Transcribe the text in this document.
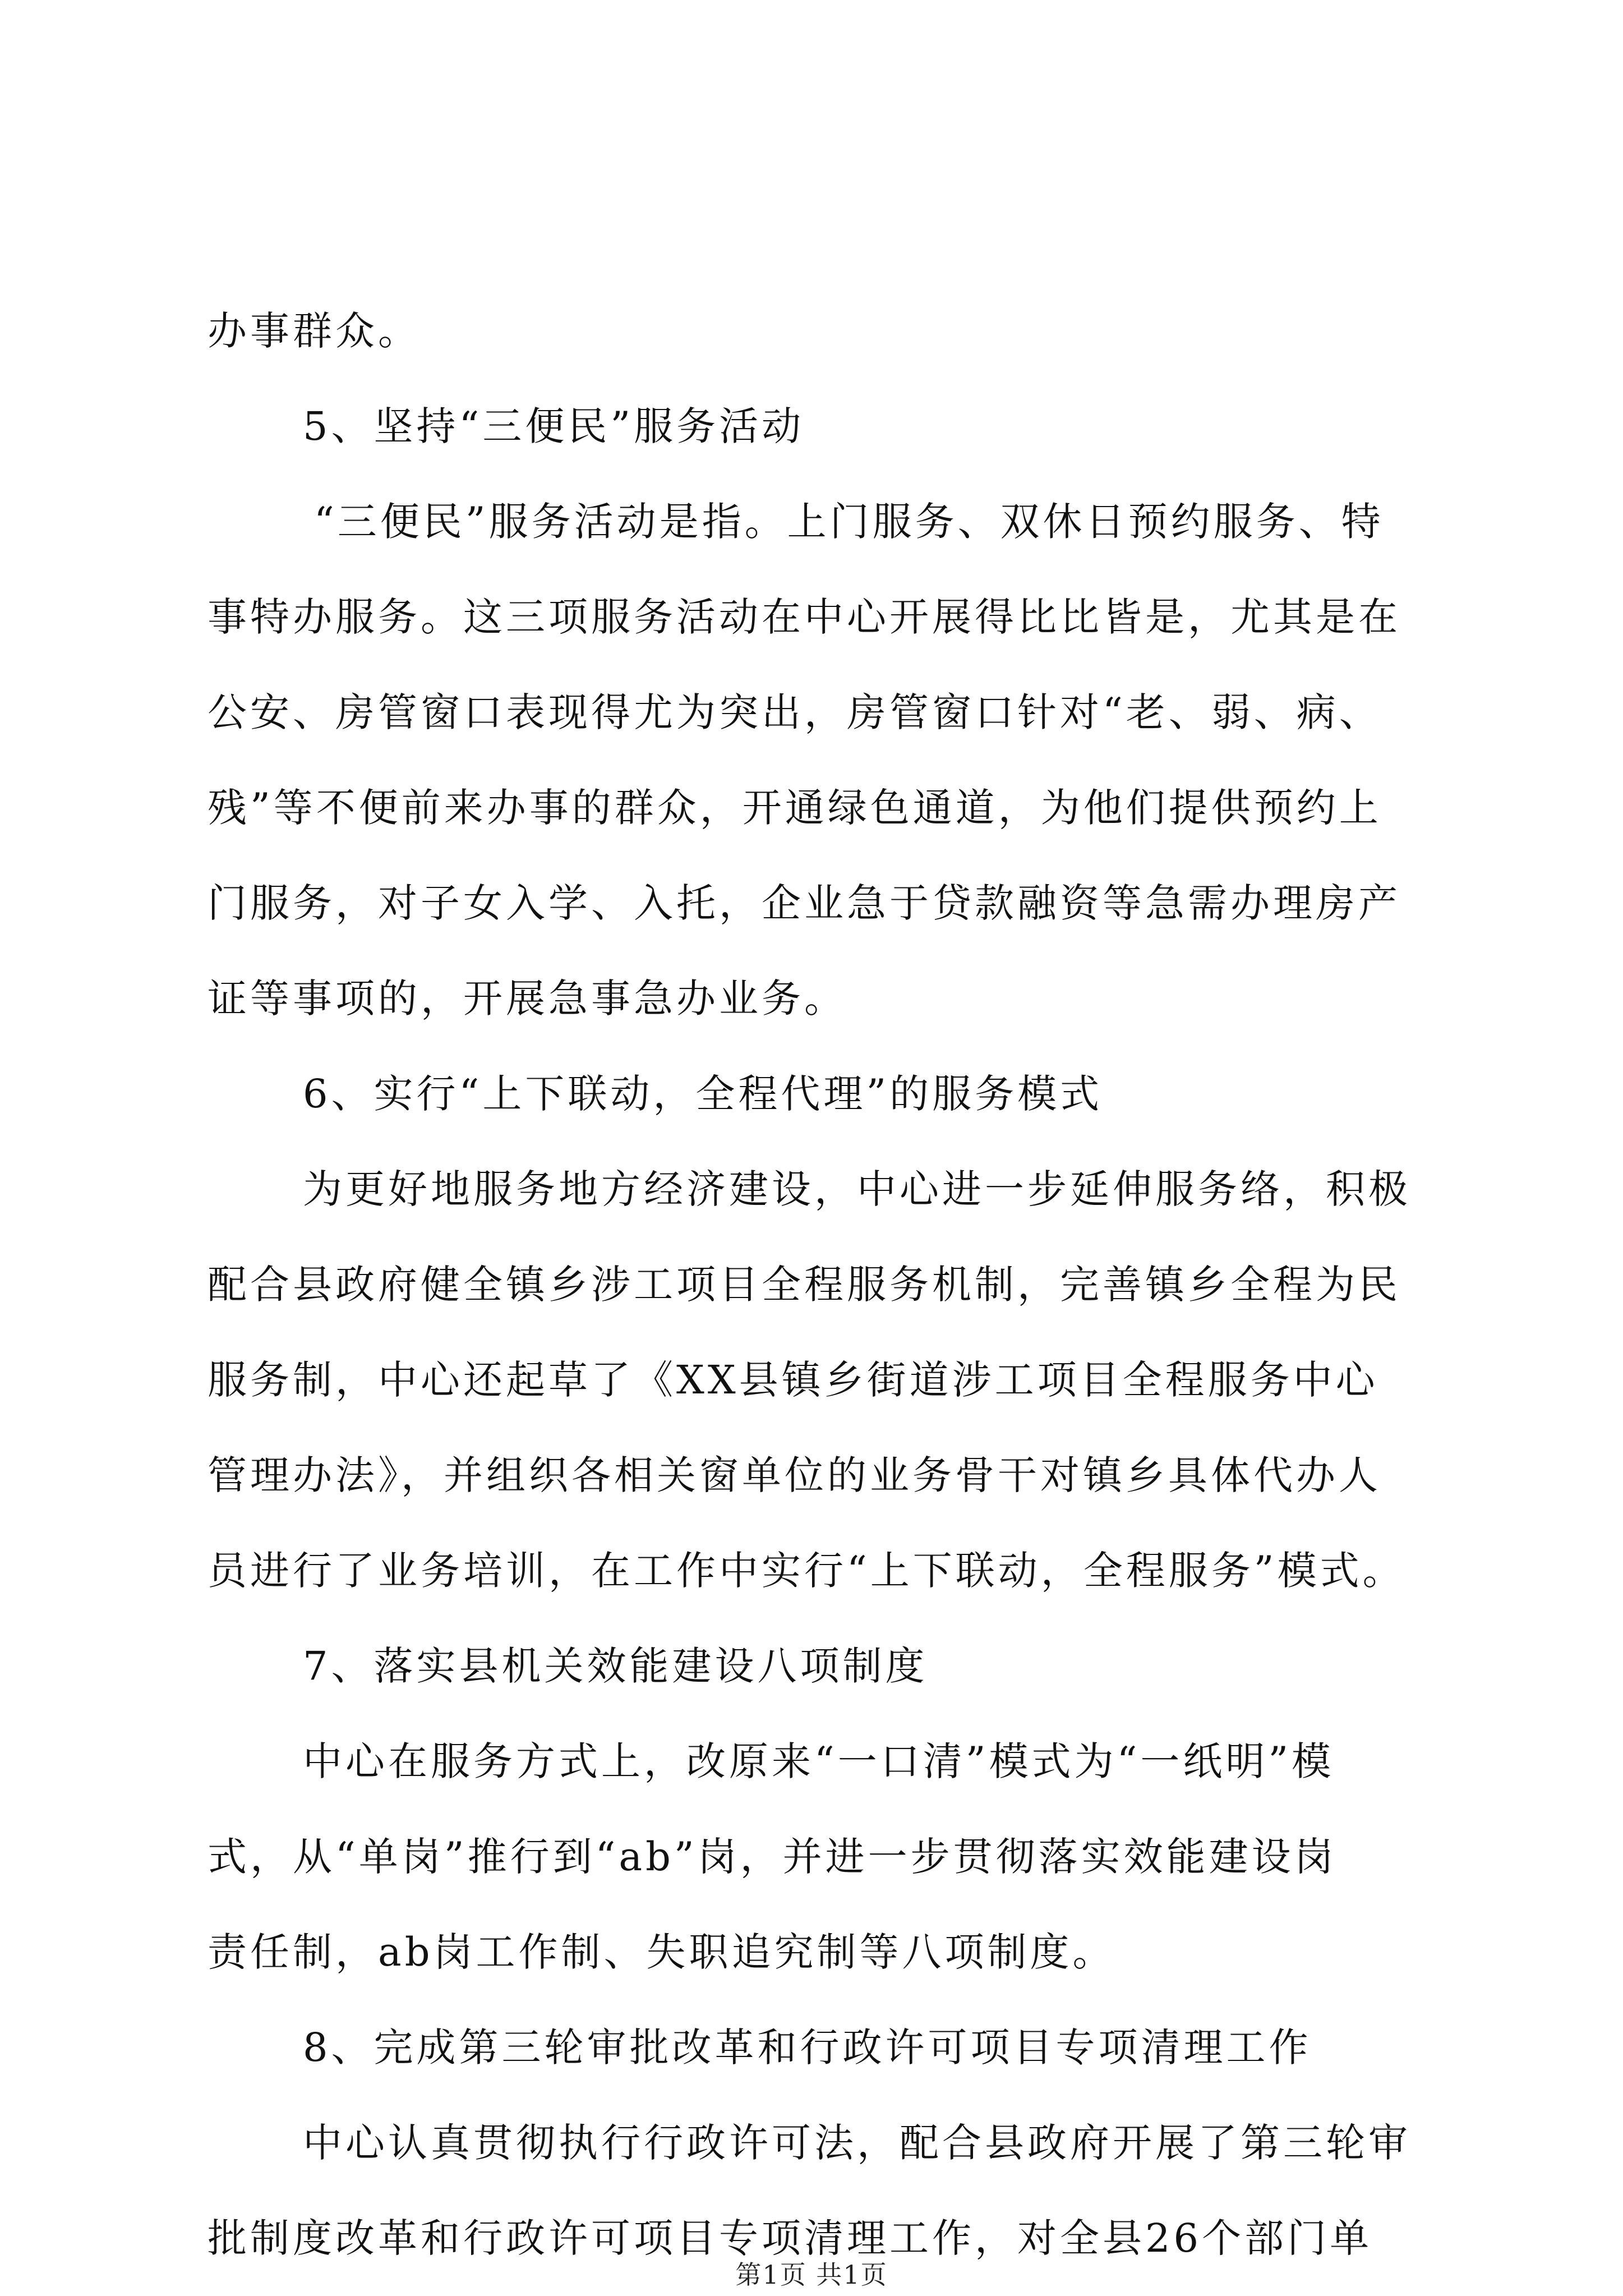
办事群众。
5、坚持“三便民”服务活动
“三便民”服务活动是指。上门服务、双休日预约服务、特
事特办服务。这三项服务活动在中心开展得比比皆是，尤其是在
公安、房管窗口表现得尤为突出，房管窗口针对“老、弱、病、
残”等不便前来办事的群众，开通绿色通道，为他们提供预约上
门服务，对子女入学、入托，企业急于贷款融资等急需办理房产
证等事项的，开展急事急办业务。
6、实行“上下联动，全程代理”的服务模式
为更好地服务地方经济建设，中心进一步延伸服务络，积极
配合县政府健全镇乡涉工项目全程服务机制，完善镇乡全程为民
服务制，中心还起草了《XX县镇乡街道涉工项目全程服务中心
管理办法》，并组织各相关窗单位的业务骨干对镇乡具体代办人
员进行了业务培训，在工作中实行“上下联动，全程服务”模式。
7、落实县机关效能建设八项制度
中心在服务方式上，改原来“一口清”模式为“一纸明”模
式，从“单岗”推行到“ab”岗，并进一步贯彻落实效能建设岗
责任制，ab岗工作制、失职追究制等八项制度。
8、完成第三轮审批改革和行政许可项目专项清理工作
中心认真贯彻执行行政许可法，配合县政府开展了第三轮审
批制度改革和行政许可项目专项清理工作，对全县26个部门单
第1页 共1页
